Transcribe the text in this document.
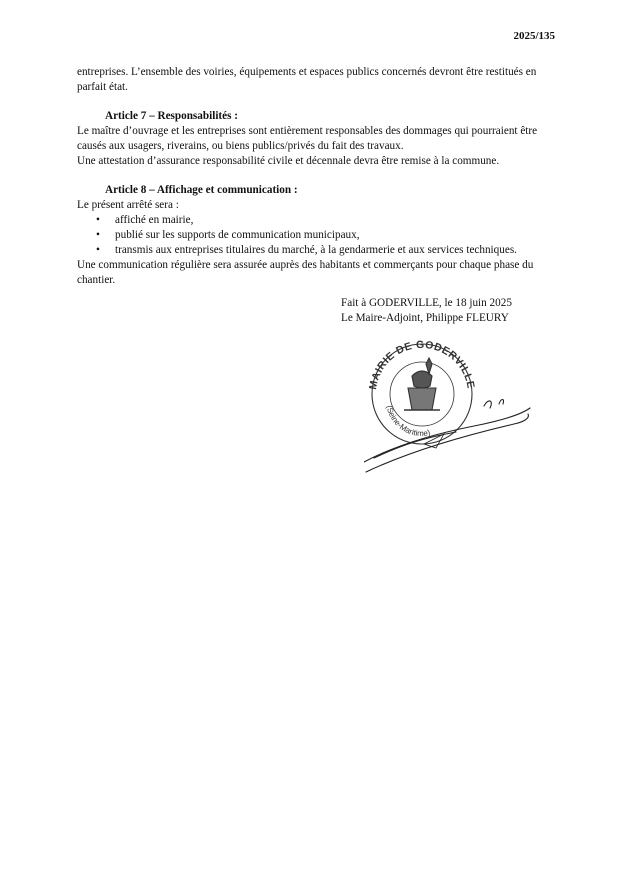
2025/135

entreprises. L’ensemble des voiries, équipements et espaces publics concernés devront être restitués en

parfait état.

Article 7 – Responsabilités :

Le maître d’ouvrage et les entreprises sont entièrement responsables des dommages qui pourraient être

causés aux usagers, riverains, ou biens publics/privés du fait des travaux.

Une attestation d’assurance responsabilité civile et décennale devra être remise à la commune.

Article 8 – Affichage et communication :

Le présent arrêté sera :

• affiché en mairie,
• publié sur les supports de communication municipaux,
• transmis aux entreprises titulaires du marché, à la gendarmerie et aux services techniques.

Une communication régulière sera assurée auprès des habitants et commerçants pour chaque phase du

chantier.

Fait à GODERVILLE, le 18 juin 2025
Le Maire-Adjoint, Philippe FLEURY
MAIRIE DE GODERVILLE
(Seine-Maritime)
